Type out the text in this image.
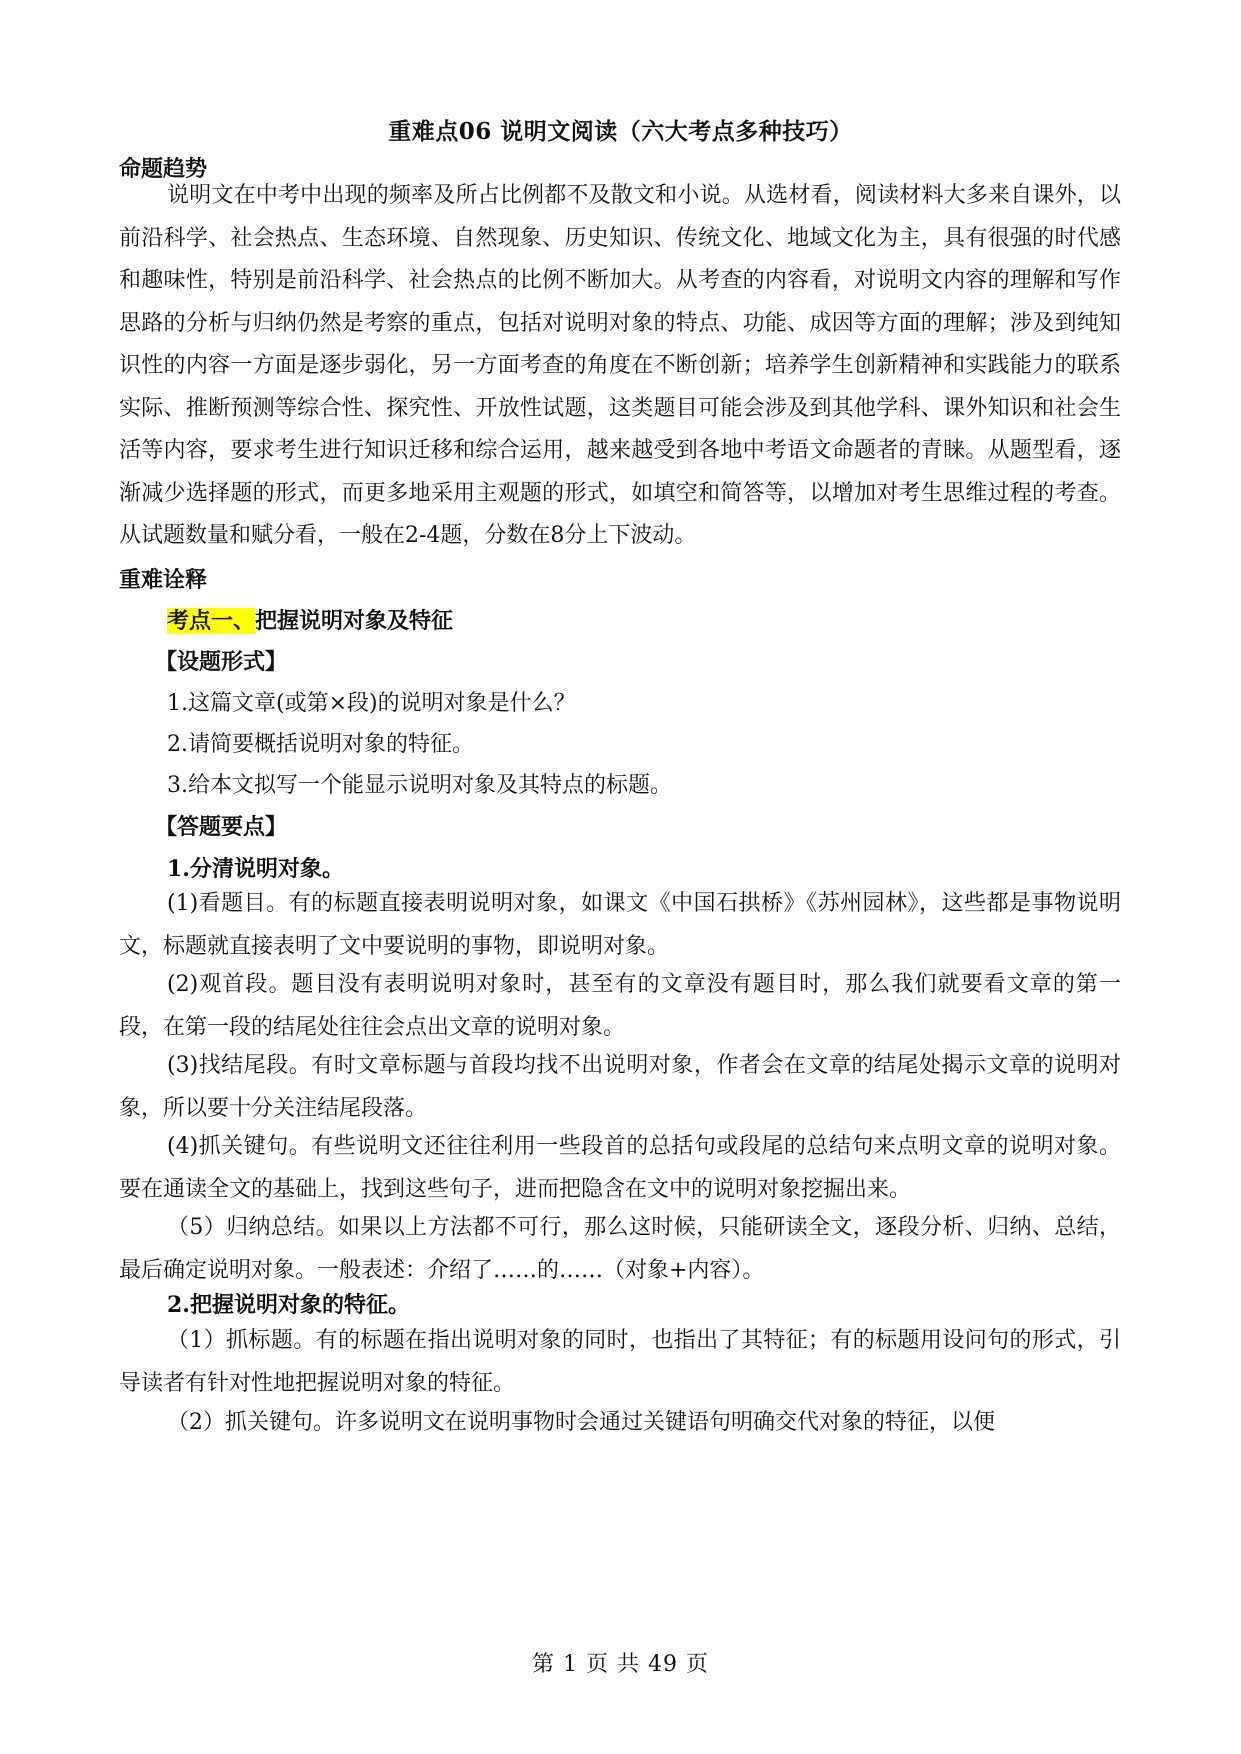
重难点06 说明文阅读（六大考点多种技巧）
命题趋势

说明文在中考中出现的频率及所占比例都不及散文和小说。从选材看，阅读材料大多来自课外，以前沿科学、社会热点、生态环境、自然现象、历史知识、传统文化、地域文化为主，具有很强的时代感和趣味性，特别是前沿科学、社会热点的比例不断加大。从考查的内容看，对说明文内容的理解和写作思路的分析与归纳仍然是考察的重点，包括对说明对象的特点、功能、成因等方面的理解；涉及到纯知识性的内容一方面是逐步弱化，另一方面考查的角度在不断创新；培养学生创新精神和实践能力的联系实际、推断预测等综合性、探究性、开放性试题，这类题目可能会涉及到其他学科、课外知识和社会生活等内容，要求考生进行知识迁移和综合运用，越来越受到各地中考语文命题者的青睐。从题型看，逐渐减少选择题的形式，而更多地采用主观题的形式，如填空和简答等，以增加对考生思维过程的考查。从试题数量和赋分看，一般在2-4题，分数在8分上下波动。

重难诠释
考点一、把握说明对象及特征
【设题形式】
1.这篇文章(或第×段)的说明对象是什么？
2.请简要概括说明对象的特征。
3.给本文拟写一个能显示说明对象及其特点的标题。
【答题要点】
1.分清说明对象。

(1)看题目。有的标题直接表明说明对象，如课文《中国石拱桥》《苏州园林》，这些都是事物说明文，标题就直接表明了文中要说明的事物，即说明对象。

(2)观首段。题目没有表明说明对象时，甚至有的文章没有题目时，那么我们就要看文章的第一段，在第一段的结尾处往往会点出文章的说明对象。

(3)找结尾段。有时文章标题与首段均找不出说明对象，作者会在文章的结尾处揭示文章的说明对象，所以要十分关注结尾段落。

(4)抓关键句。有些说明文还往往利用一些段首的总括句或段尾的总结句来点明文章的说明对象。要在通读全文的基础上，找到这些句子，进而把隐含在文中的说明对象挖掘出来。

（5）归纳总结。如果以上方法都不可行，那么这时候，只能研读全文，逐段分析、归纳、总结，最后确定说明对象。一般表述：介绍了……的……（对象+内容）。

2.把握说明对象的特征。

（1）抓标题。有的标题在指出说明对象的同时，也指出了其特征；有的标题用设问句的形式，引导读者有针对性地把握说明对象的特征。

（2）抓关键句。许多说明文在说明事物时会通过关键语句明确交代对象的特征，以便

第 1 页 共 49 页
